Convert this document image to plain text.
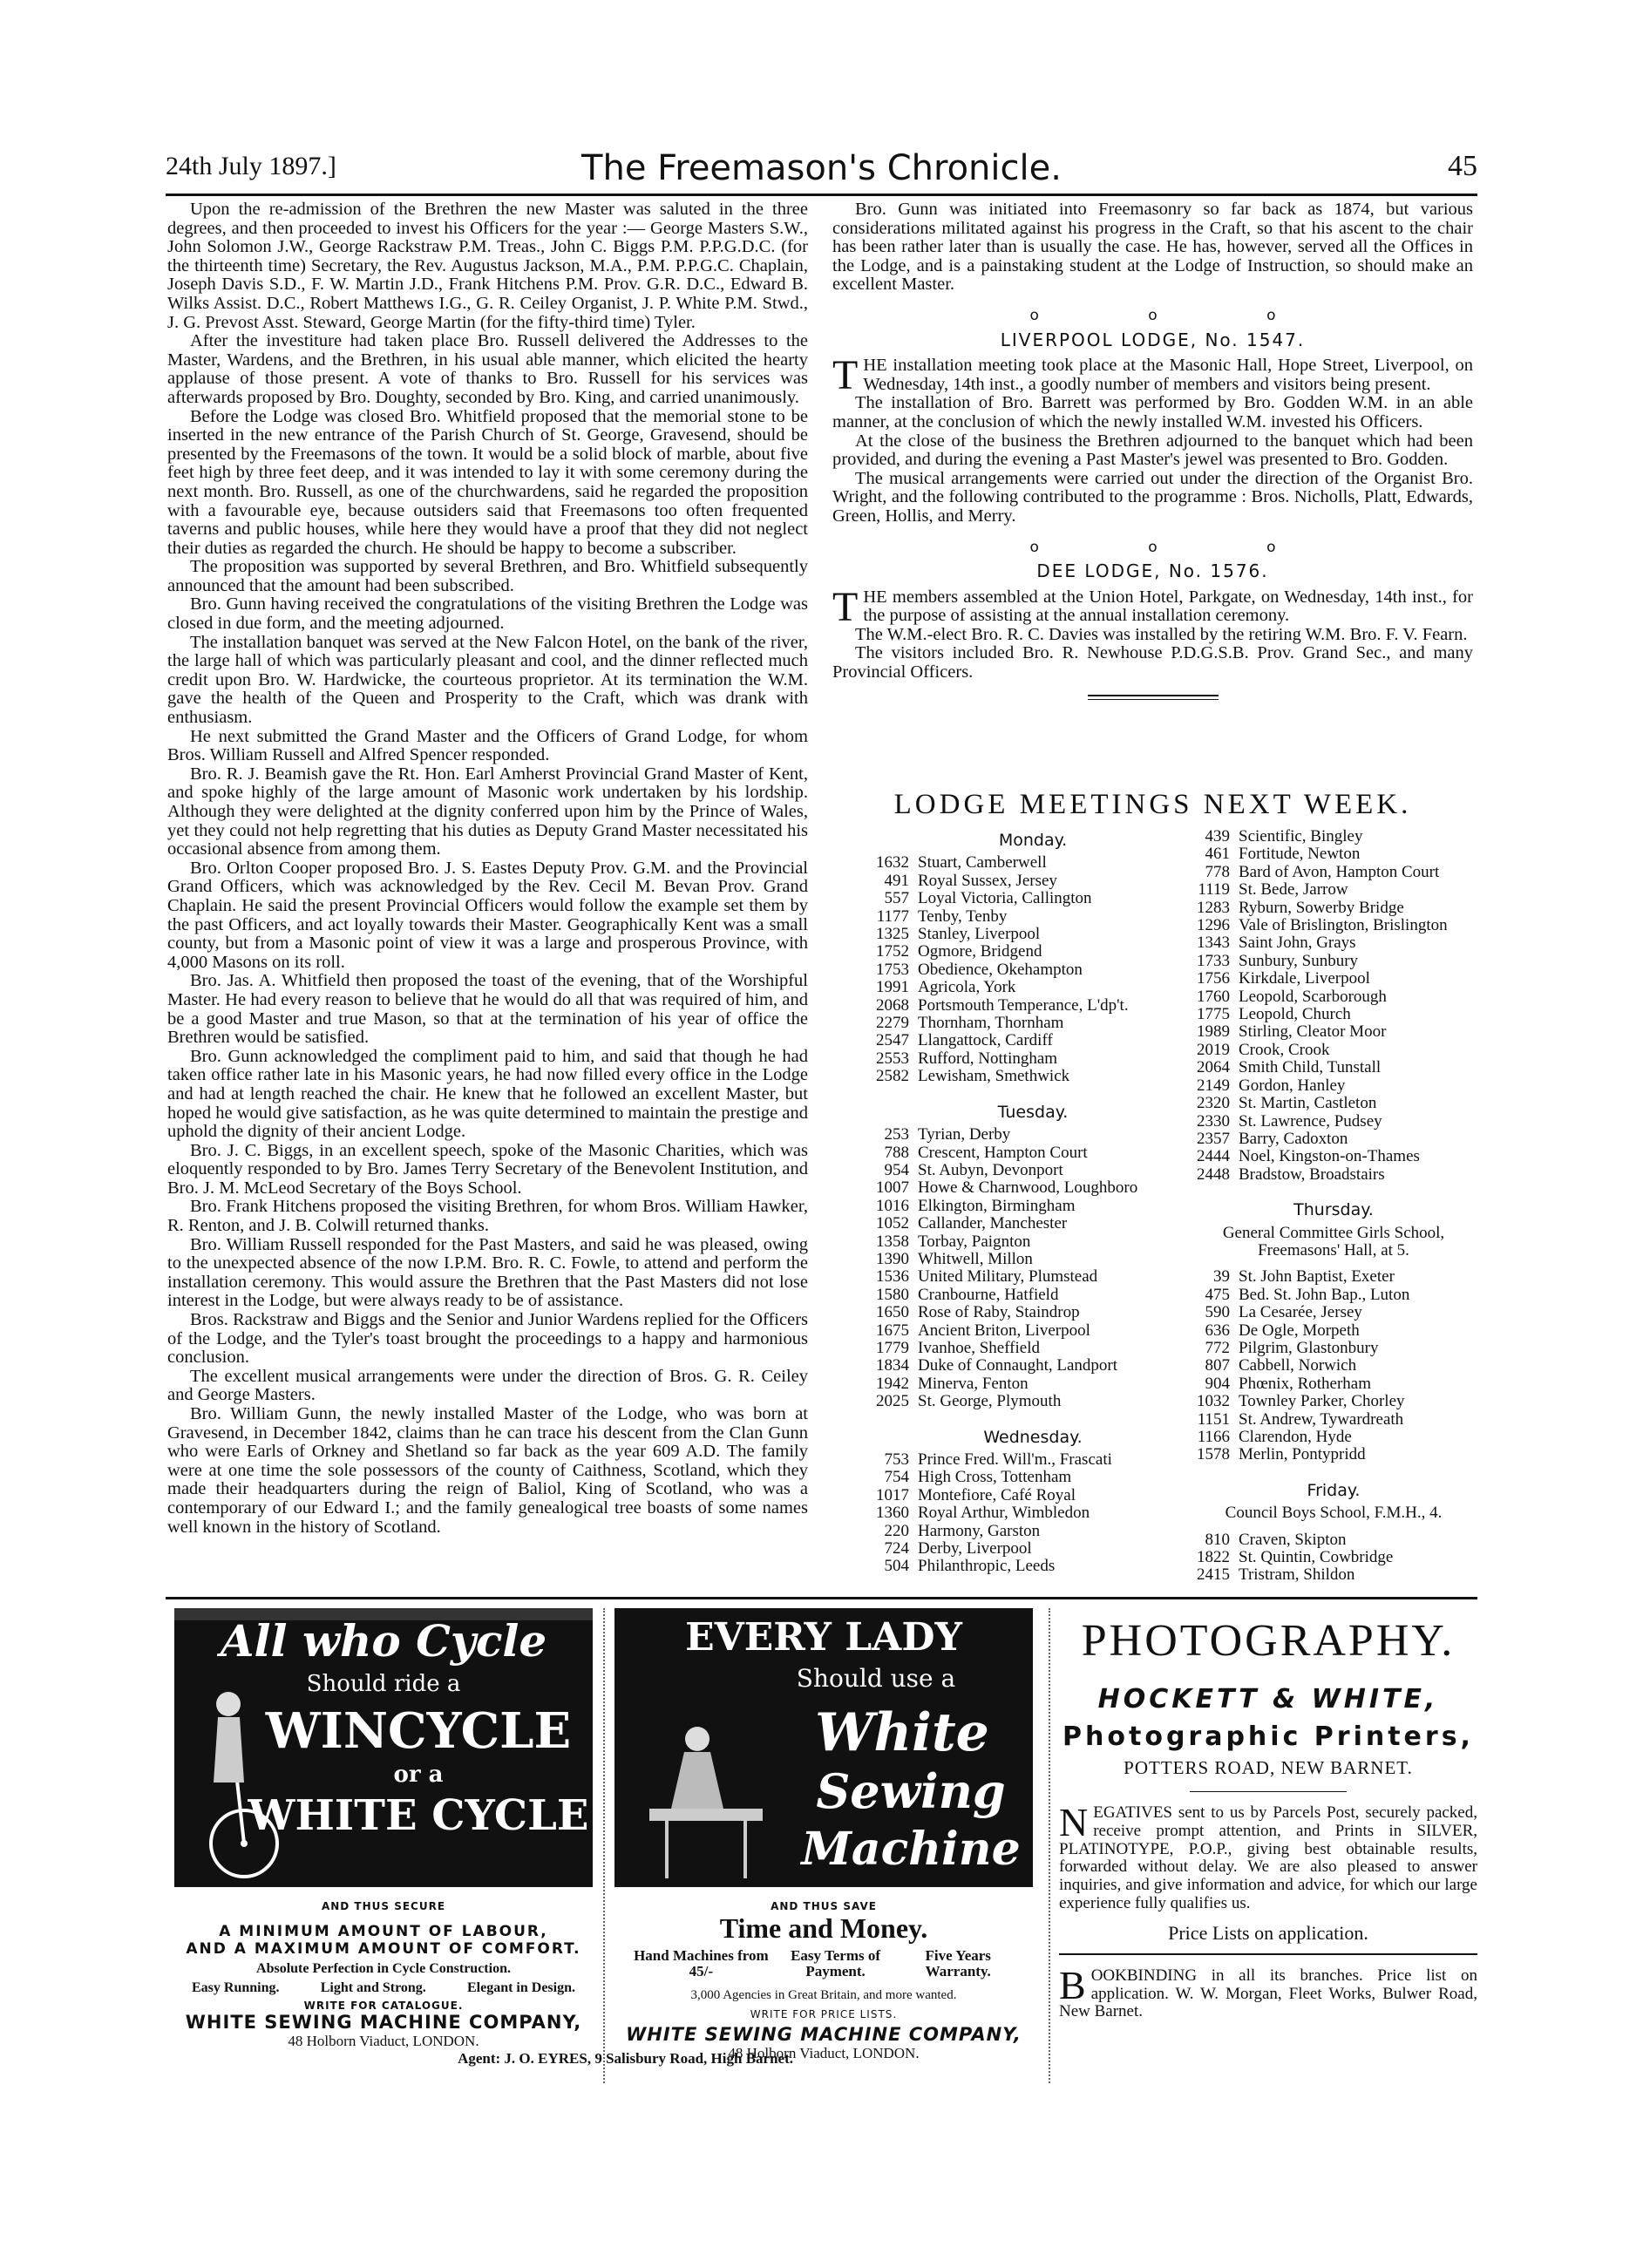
24th July 1897.]	The Freemason's Chronicle.	45

Upon the re-admission of the Brethren the new Master was saluted in the three degrees, and then proceeded to invest his Officers for the year :— George Masters S.W., John Solomon J.W., George Rackstraw P.M. Treas., John C. Biggs P.M. P.P.G.D.C. (for the thirteenth time) Secretary, the Rev. Augustus Jackson, M.A., P.M. P.P.G.C. Chaplain, Joseph Davis S.D., F. W. Martin J.D., Frank Hitchens P.M. Prov. G.R. D.C., Edward B. Wilks Assist. D.C., Robert Matthews I.G., G. R. Ceiley Organist, J. P. White P.M. Stwd., J. G. Prevost Asst. Steward, George Martin (for the fifty-third time) Tyler.

After the investiture had taken place Bro. Russell delivered the Addresses to the Master, Wardens, and the Brethren, in his usual able manner, which elicited the hearty applause of those present. A vote of thanks to Bro. Russell for his services was afterwards proposed by Bro. Doughty, seconded by Bro. King, and carried unanimously.

Before the Lodge was closed Bro. Whitfield proposed that the memorial stone to be inserted in the new entrance of the Parish Church of St. George, Gravesend, should be presented by the Freemasons of the town. It would be a solid block of marble, about five feet high by three feet deep, and it was intended to lay it with some ceremony during the next month. Bro. Russell, as one of the churchwardens, said he regarded the proposition with a favourable eye, because outsiders said that Freemasons too often frequented taverns and public houses, while here they would have a proof that they did not neglect their duties as regarded the church. He should be happy to become a subscriber.

The proposition was supported by several Brethren, and Bro. Whitfield subsequently announced that the amount had been subscribed.

Bro. Gunn having received the congratulations of the visiting Brethren the Lodge was closed in due form, and the meeting adjourned.

The installation banquet was served at the New Falcon Hotel, on the bank of the river, the large hall of which was particularly pleasant and cool, and the dinner reflected much credit upon Bro. W. Hardwicke, the courteous proprietor. At its termination the W.M. gave the health of the Queen and Prosperity to the Craft, which was drank with enthusiasm.

He next submitted the Grand Master and the Officers of Grand Lodge, for whom Bros. William Russell and Alfred Spencer responded.

Bro. R. J. Beamish gave the Rt. Hon. Earl Amherst Provincial Grand Master of Kent, and spoke highly of the large amount of Masonic work undertaken by his lordship. Although they were delighted at the dignity conferred upon him by the Prince of Wales, yet they could not help regretting that his duties as Deputy Grand Master necessitated his occasional absence from among them.

Bro. Orlton Cooper proposed Bro. J. S. Eastes Deputy Prov. G.M. and the Provincial Grand Officers, which was acknowledged by the Rev. Cecil M. Bevan Prov. Grand Chaplain. He said the present Provincial Officers would follow the example set them by the past Officers, and act loyally towards their Master. Geographically Kent was a small county, but from a Masonic point of view it was a large and prosperous Province, with 4,000 Masons on its roll.

Bro. Jas. A. Whitfield then proposed the toast of the evening, that of the Worshipful Master. He had every reason to believe that he would do all that was required of him, and be a good Master and true Mason, so that at the termination of his year of office the Brethren would be satisfied.

Bro. Gunn acknowledged the compliment paid to him, and said that though he had taken office rather late in his Masonic years, he had now filled every office in the Lodge and had at length reached the chair. He knew that he followed an excellent Master, but hoped he would give satisfaction, as he was quite determined to maintain the prestige and uphold the dignity of their ancient Lodge.

Bro. J. C. Biggs, in an excellent speech, spoke of the Masonic Charities, which was eloquently responded to by Bro. James Terry Secretary of the Benevolent Institution, and Bro. J. M. McLeod Secretary of the Boys School.

Bro. Frank Hitchens proposed the visiting Brethren, for whom Bros. William Hawker, R. Renton, and J. B. Colwill returned thanks.

Bro. William Russell responded for the Past Masters, and said he was pleased, owing to the unexpected absence of the now I.P.M. Bro. R. C. Fowle, to attend and perform the installation ceremony. This would assure the Brethren that the Past Masters did not lose interest in the Lodge, but were always ready to be of assistance.

Bros. Rackstraw and Biggs and the Senior and Junior Wardens replied for the Officers of the Lodge, and the Tyler's toast brought the proceedings to a happy and harmonious conclusion.

The excellent musical arrangements were under the direction of Bros. G. R. Ceiley and George Masters.

Bro. William Gunn, the newly installed Master of the Lodge, who was born at Gravesend, in December 1842, claims than he can trace his descent from the Clan Gunn who were Earls of Orkney and Shetland so far back as the year 609 A.D. The family were at one time the sole possessors of the county of Caithness, Scotland, which they made their headquarters during the reign of Baliol, King of Scotland, who was a contemporary of our Edward I.; and the family genealogical tree boasts of some names well known in the history of Scotland.

Bro. Gunn was initiated into Freemasonry so far back as 1874, but various considerations militated against his progress in the Craft, so that his ascent to the chair has been rather later than is usually the case. He has, however, served all the Offices in the Lodge, and is a painstaking student at the Lodge of Instruction, so should make an excellent Master.

o o o
LIVERPOOL LODGE, No. 1547.

THE installation meeting took place at the Masonic Hall, Hope Street, Liverpool, on Wednesday, 14th inst., a goodly number of members and visitors being present.

The installation of Bro. Barrett was performed by Bro. Godden W.M. in an able manner, at the conclusion of which the newly installed W.M. invested his Officers.

At the close of the business the Brethren adjourned to the banquet which had been provided, and during the evening a Past Master's jewel was presented to Bro. Godden.

The musical arrangements were carried out under the direction of the Organist Bro. Wright, and the following contributed to the programme : Bros. Nicholls, Platt, Edwards, Green, Hollis, and Merry.

o o o
DEE LODGE, No. 1576.

THE members assembled at the Union Hotel, Parkgate, on Wednesday, 14th inst., for the purpose of assisting at the annual installation ceremony.

The W.M.-elect Bro. R. C. Davies was installed by the retiring W.M. Bro. F. V. Fearn.

The visitors included Bro. R. Newhouse P.D.G.S.B. Prov. Grand Sec., and many Provincial Officers.

LODGE MEETINGS NEXT WEEK.
Monday.
1632 Stuart, Camberwell
491 Royal Sussex, Jersey
557 Loyal Victoria, Callington
1177 Tenby, Tenby
1325 Stanley, Liverpool
1752 Ogmore, Bridgend
1753 Obedience, Okehampton
1991 Agricola, York
2068 Portsmouth Temperance, L'dp't.
2279 Thornham, Thornham
2547 Llangattock, Cardiff
2553 Rufford, Nottingham
2582 Lewisham, Smethwick
Tuesday.
253 Tyrian, Derby
788 Crescent, Hampton Court
954 St. Aubyn, Devonport
1007 Howe & Charnwood, Loughboro
1016 Elkington, Birmingham
1052 Callander, Manchester
1358 Torbay, Paignton
1390 Whitwell, Millon
1536 United Military, Plumstead
1580 Cranbourne, Hatfield
1650 Rose of Raby, Staindrop
1675 Ancient Briton, Liverpool
1779 Ivanhoe, Sheffield
1834 Duke of Connaught, Landport
1942 Minerva, Fenton
2025 St. George, Plymouth
Wednesday.
753 Prince Fred. Will'm., Frascati
754 High Cross, Tottenham
1017 Montefiore, Café Royal
1360 Royal Arthur, Wimbledon
220 Harmony, Garston
724 Derby, Liverpool
504 Philanthropic, Leeds
439 Scientific, Bingley
461 Fortitude, Newton
778 Bard of Avon, Hampton Court
1119 St. Bede, Jarrow
1283 Ryburn, Sowerby Bridge
1296 Vale of Brislington, Brislington
1343 Saint John, Grays
1733 Sunbury, Sunbury
1756 Kirkdale, Liverpool
1760 Leopold, Scarborough
1775 Leopold, Church
1989 Stirling, Cleator Moor
2019 Crook, Crook
2064 Smith Child, Tunstall
2149 Gordon, Hanley
2320 St. Martin, Castleton
2330 St. Lawrence, Pudsey
2357 Barry, Cadoxton
2444 Noel, Kingston-on-Thames
2448 Bradstow, Broadstairs
Thursday.
General Committee Girls School, Freemasons' Hall, at 5.
39 St. John Baptist, Exeter
475 Bed. St. John Bap., Luton
590 La Cesarée, Jersey
636 De Ogle, Morpeth
772 Pilgrim, Glastonbury
807 Cabbell, Norwich
904 Phœnix, Rotherham
1032 Townley Parker, Chorley
1151 St. Andrew, Tywardreath
1166 Clarendon, Hyde
1578 Merlin, Pontypridd
Friday.
Council Boys School, F.M.H., 4.
810 Craven, Skipton
1822 St. Quintin, Cowbridge
2415 Tristram, Shildon
All who Cycle
Should ride a
WINCYCLE
or a
WHITE CYCLE
AND THUS SECURE
A MINIMUM AMOUNT OF LABOUR,
AND A MAXIMUM AMOUNT OF COMFORT.
Absolute Perfection in Cycle Construction.
Easy Running.	Light and Strong.	Elegant in Design.
WRITE FOR CATALOGUE.
WHITE SEWING MACHINE COMPANY,
48 Holborn Viaduct, LONDON.
Agent: J. O. EYRES, 9 Salisbury Road, High Barnet.
EVERY LADY
Should use a
White
Sewing
Machine
AND THUS SAVE
Time and Money.
Hand Machines from 45/-
Easy Terms of Payment.
Five Years Warranty.
3,000 Agencies in Great Britain, and more wanted.
WRITE FOR PRICE LISTS.
WHITE SEWING MACHINE COMPANY,
48 Holborn Viaduct, LONDON.
PHOTOGRAPHY.
HOCKETT & WHITE,
Photographic Printers,
POTTERS ROAD, NEW BARNET.
NEGATIVES sent to us by Parcels Post, securely packed, receive prompt attention, and Prints in SILVER, PLATINOTYPE, P.O.P., giving best obtainable results, forwarded without delay. We are also pleased to answer inquiries, and give information and advice, for which our large experience fully qualifies us.
Price Lists on application.
BOOKBINDING in all its branches. Price list on application. W. W. Morgan, Fleet Works, Bulwer Road, New Barnet.
